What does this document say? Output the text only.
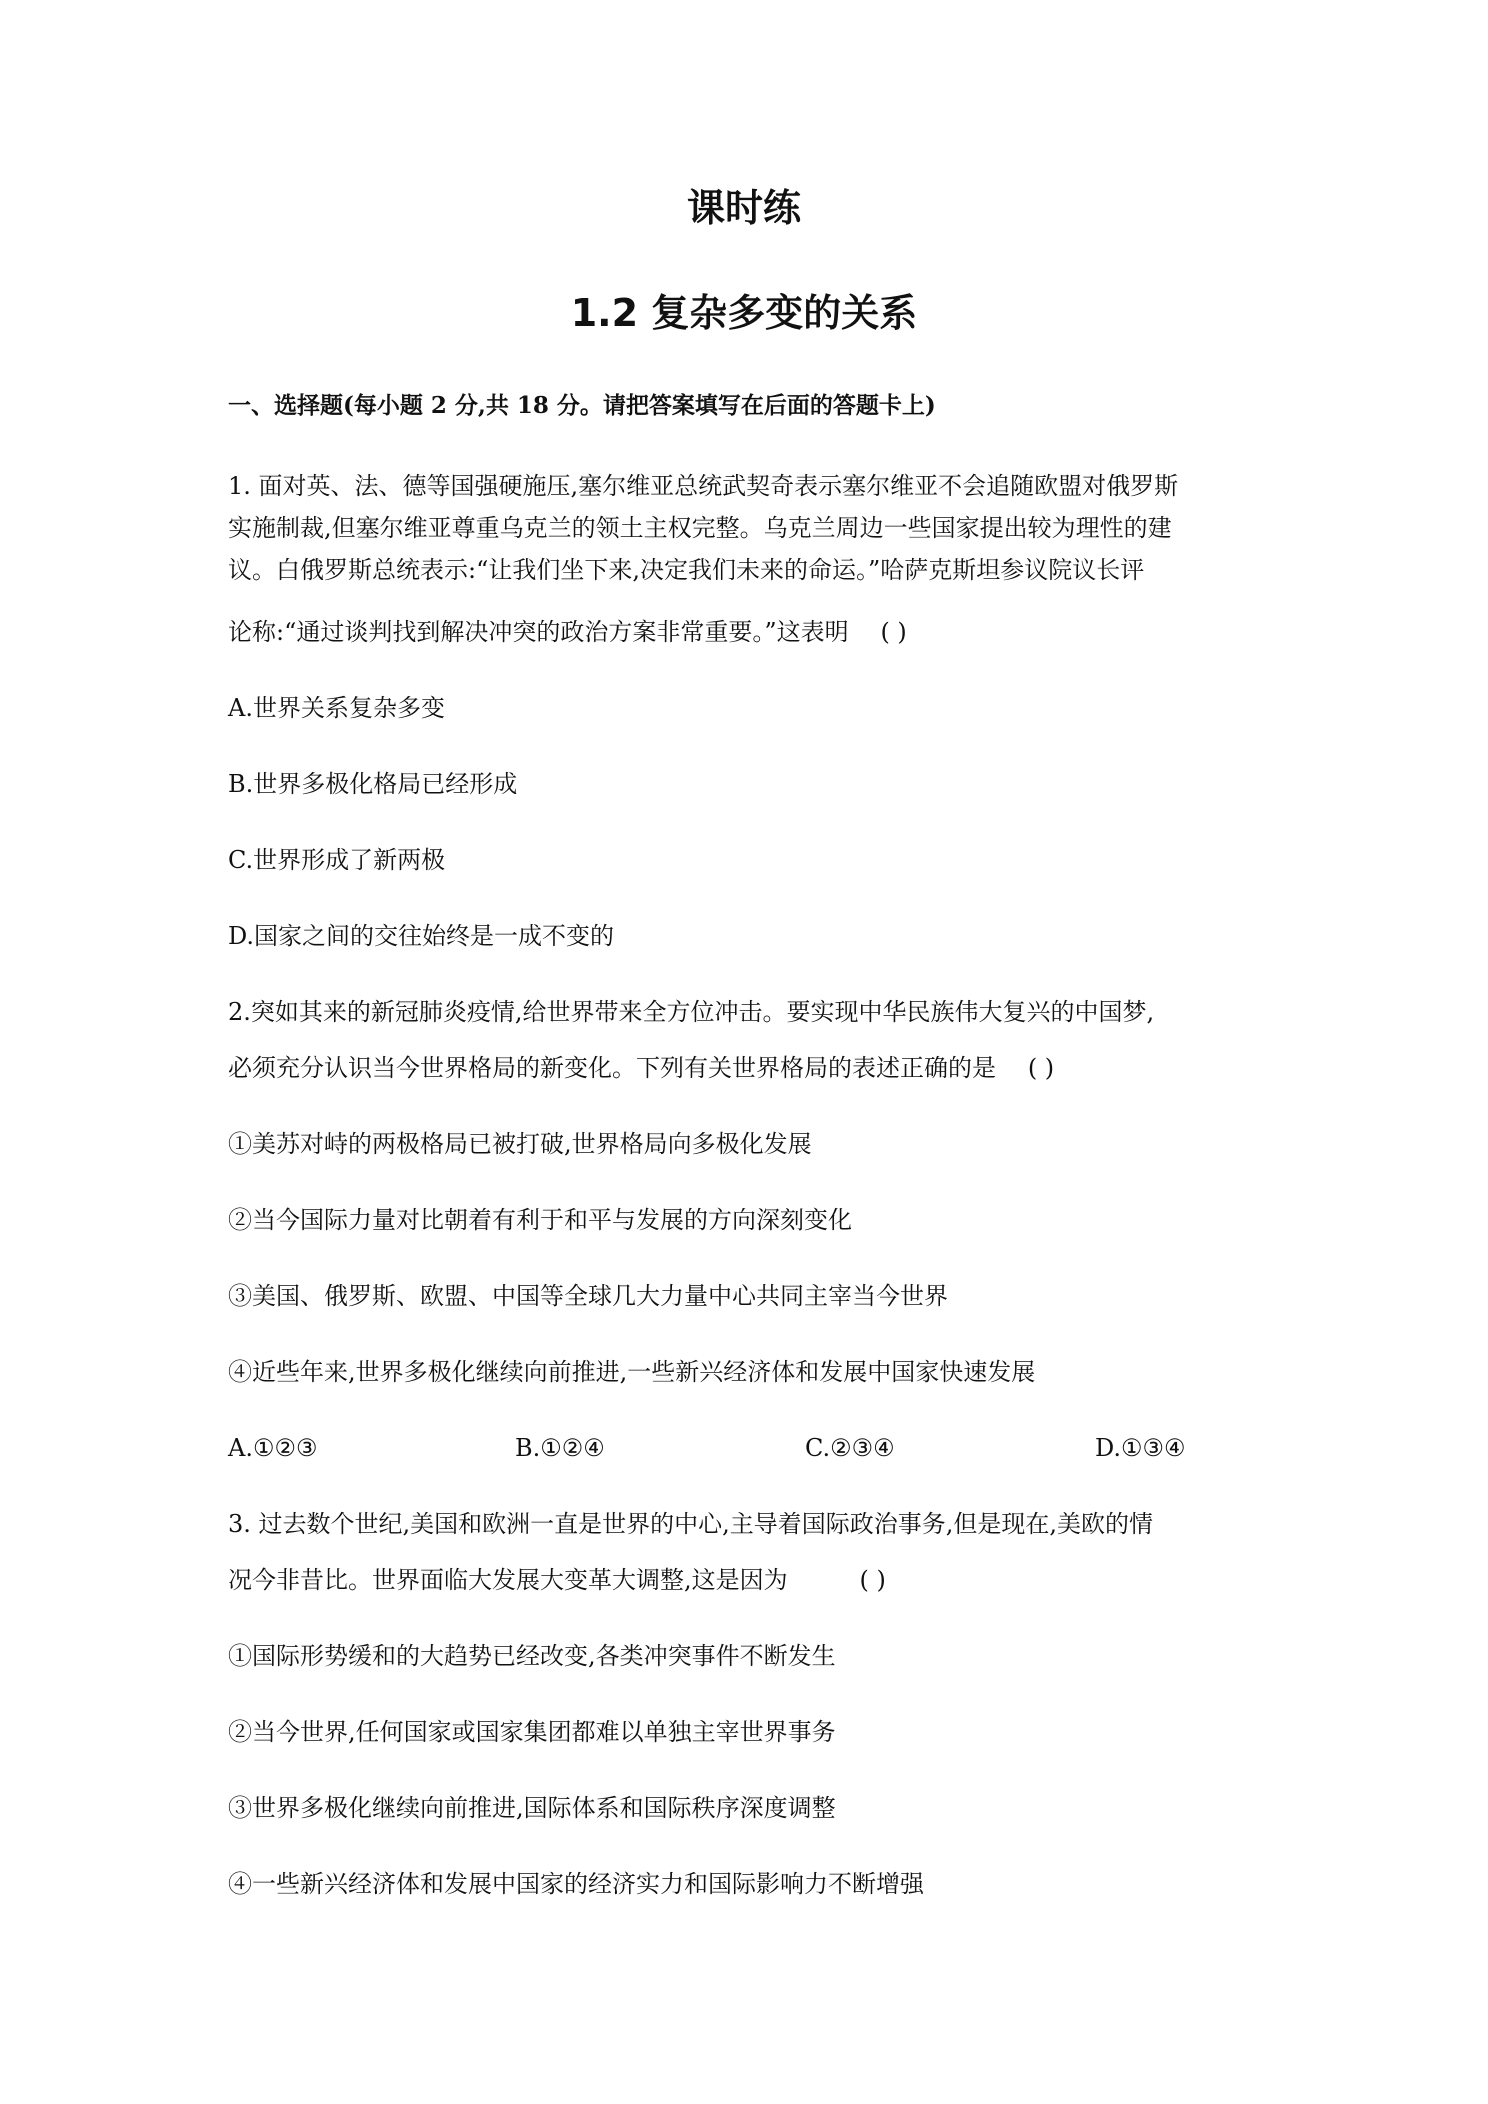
课时练
1.2 复杂多变的关系

一、选择题(每小题 2 分,共 18 分。请把答案填写在后面的答题卡上)

1. 面对英、法、德等国强硬施压,塞尔维亚总统武契奇表示塞尔维亚不会追随欧盟对俄罗斯

实施制裁,但塞尔维亚尊重乌克兰的领土主权完整。乌克兰周边一些国家提出较为理性的建

议。白俄罗斯总统表示:“让我们坐下来,决定我们未来的命运。”哈萨克斯坦参议院议长评

论称:“通过谈判找到解决冲突的政治方案非常重要。”这表明 ( )

A.世界关系复杂多变

B.世界多极化格局已经形成

C.世界形成了新两极

D.国家之间的交往始终是一成不变的

2.突如其来的新冠肺炎疫情,给世界带来全方位冲击。要实现中华民族伟大复兴的中国梦,

必须充分认识当今世界格局的新变化。下列有关世界格局的表述正确的是 ( )

①美苏对峙的两极格局已被打破,世界格局向多极化发展

②当今国际力量对比朝着有利于和平与发展的方向深刻变化

③美国、俄罗斯、欧盟、中国等全球几大力量中心共同主宰当今世界

④近些年来,世界多极化继续向前推进,一些新兴经济体和发展中国家快速发展

A.①②③	B.①②④	C.②③④	D.①③④

3. 过去数个世纪,美国和欧洲一直是世界的中心,主导着国际政治事务,但是现在,美欧的情

况今非昔比。世界面临大发展大变革大调整,这是因为	( )

①国际形势缓和的大趋势已经改变,各类冲突事件不断发生

②当今世界,任何国家或国家集团都难以单独主宰世界事务

③世界多极化继续向前推进,国际体系和国际秩序深度调整

④一些新兴经济体和发展中国家的经济实力和国际影响力不断增强
